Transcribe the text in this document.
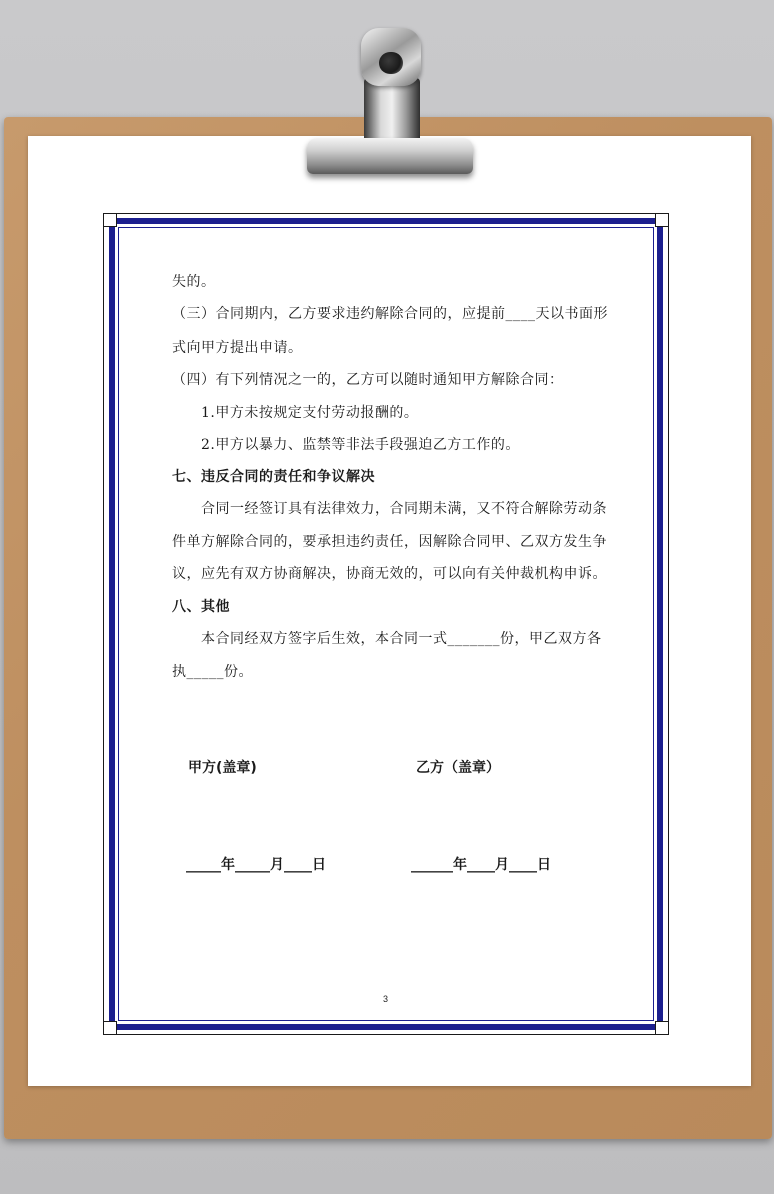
失的。
（三）合同期内，乙方要求违约解除合同的，应提前____天以书面形
式向甲方提出申请。
（四）有下列情况之一的，乙方可以随时通知甲方解除合同：
1.甲方未按规定支付劳动报酬的。
2.甲方以暴力、监禁等非法手段强迫乙方工作的。
七、违反合同的责任和争议解决
合同一经签订具有法律效力，合同期未满，又不符合解除劳动条
件单方解除合同的，要承担违约责任，因解除合同甲、乙双方发生争
议，应先有双方协商解决，协商无效的，可以向有关仲裁机构申诉。
八、其他
本合同经双方签字后生效，本合同一式_______份，甲乙双方各
执_____份。
甲方(盖章)	乙方（盖章）
_____年_____月____日	______年____月____日
3
